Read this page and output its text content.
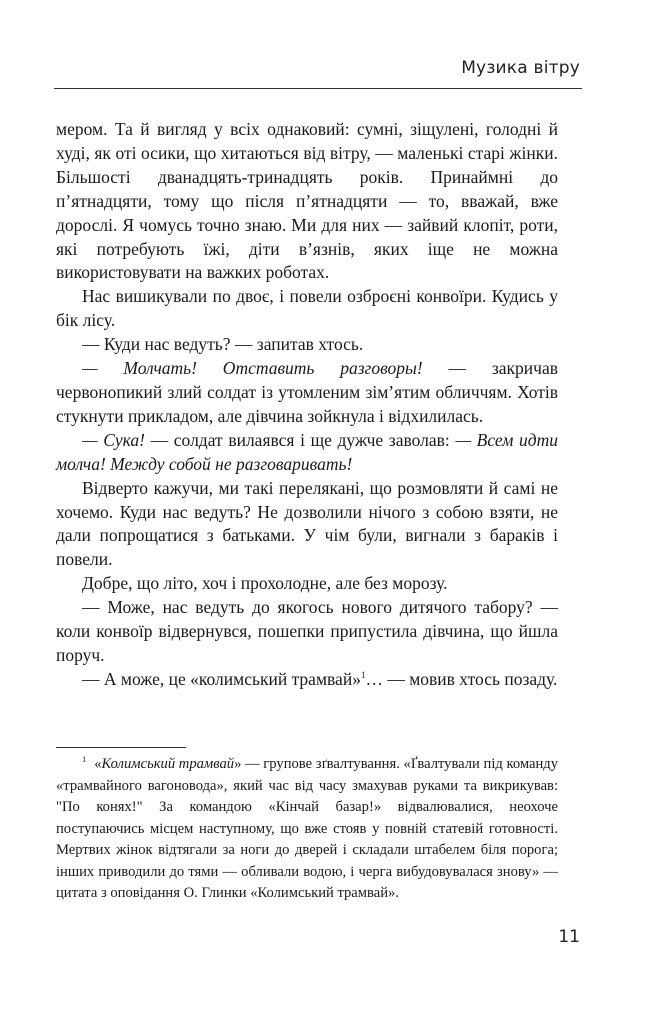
Музика вітру

мером. Та й вигляд у всіх однаковий: сумні, зіщулені, голодні й худі, як оті осики, що хитаються від вітру, — маленькі старі жінки. Більшості дванадцять-тринадцять років. Принаймні до п’ятнадцяти, тому що після п’ятнадцяти — то, вважай, вже дорослі. Я чомусь точно знаю. Ми для них — зайвий клопіт, роти, які потребують їжі, діти в’язнів, яких іще не можна використовувати на важких роботах.

Нас вишикували по двоє, і повели озброєні конвоїри. Кудись у бік лісу.

— Куди нас ведуть? — запитав хтось.

— Молчать! Отставить разговоры! — закричав червонопикий злий солдат із утомленим зім’ятим обличчям. Хотів стукнути прикладом, але дівчина зойкнула і відхилилась.

— Сука! — солдат вилаявся і ще дужче заволав: — Всем идти молча! Между собой не разговаривать!

Відверто кажучи, ми такі перелякані, що розмовляти й самі не хочемо. Куди нас ведуть? Не дозволили нічого з собою взяти, не дали попрощатися з батьками. У чім були, вигнали з бараків і повели.

Добре, що літо, хоч і прохолодне, але без морозу.

— Може, нас ведуть до якогось нового дитячого табору? — коли конвоїр відвернувся, пошепки припустила дівчина, що йшла поруч.

— А може, це «колимський трамвай»$^1$… — мовив хтось позаду.

$^1$ «Колимський трамвай» — групове зґвалтування. «Ґвалтували під команду «трамвайного вагоновода», який час від часу змахував руками та викрикував: "По конях!" За командою «Кінчай базар!» відвалювалися, неохоче поступаючись місцем наступному, що вже стояв у повній статевій готовності. Мертвих жінок відтягали за ноги до дверей і складали штабелем біля порога; інших приводили до тями — обливали водою, і черга вибудовувалася знову» — цитата з оповідання О. Глинки «Колимський трамвай».

11
